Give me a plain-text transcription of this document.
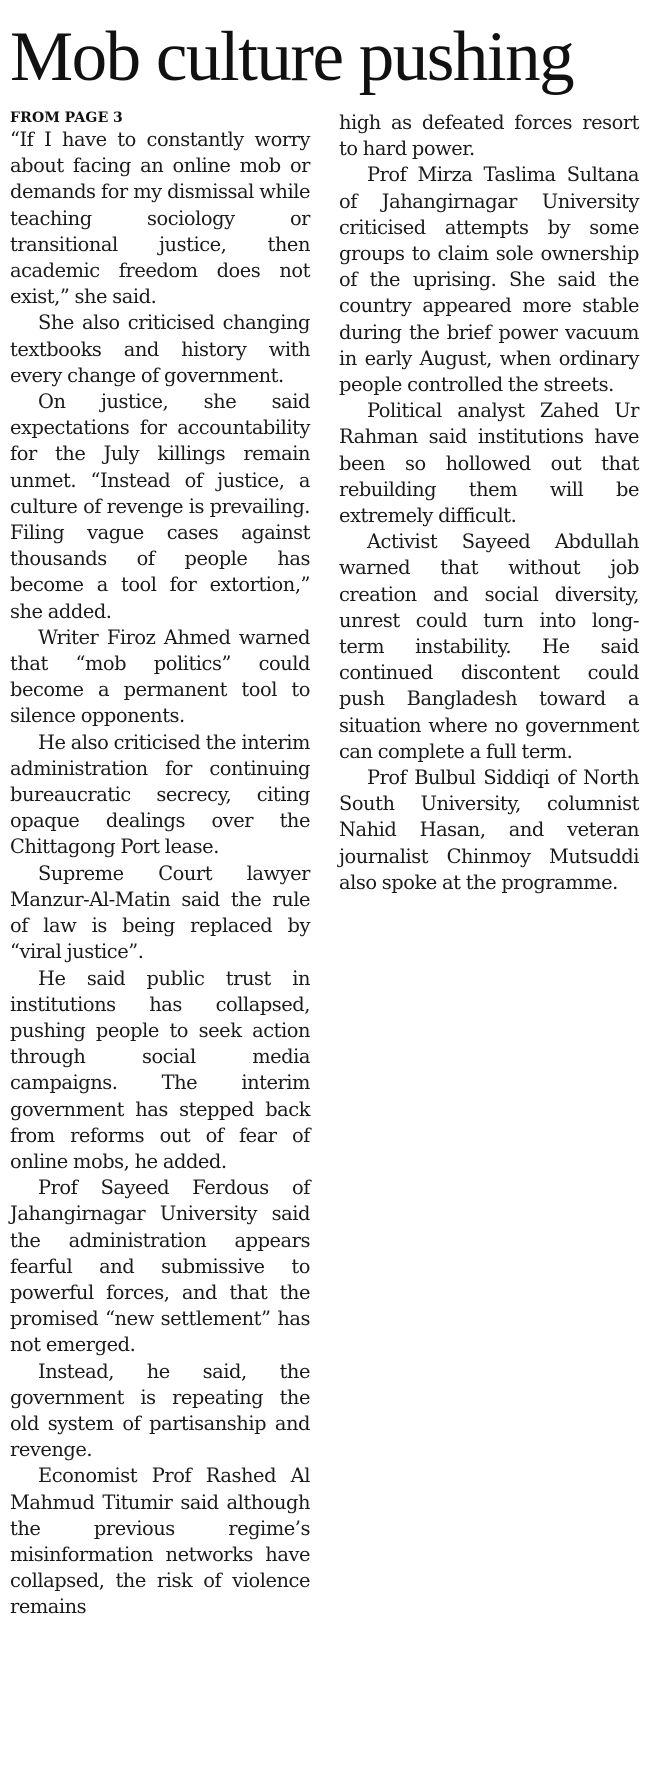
Mob culture pushing

FROM PAGE 3

“If I have to constantly worry about facing an online mob or demands for my dismissal while teaching sociology or transitional justice, then academic freedom does not exist,” she said.

She also criticised changing textbooks and history with every change of government.

On justice, she said expectations for accountability for the July killings remain unmet. “Instead of justice, a culture of revenge is prevailing. Filing vague cases against thousands of people has become a tool for extortion,” she added.

Writer Firoz Ahmed warned that “mob politics” could become a permanent tool to silence opponents.

He also criticised the interim administration for continuing bureaucratic secrecy, citing opaque dealings over the Chittagong Port lease.

Supreme Court lawyer Manzur-Al-Matin said the rule of law is being replaced by “viral justice”.

He said public trust in institutions has collapsed, pushing people to seek action through social media campaigns. The interim government has stepped back from reforms out of fear of online mobs, he added.

Prof Sayeed Ferdous of Jahangirnagar University said the administration appears fearful and submissive to powerful forces, and that the promised “new settlement” has not emerged.

Instead, he said, the government is repeating the old system of partisanship and revenge.

Economist Prof Rashed Al Mahmud Titumir said although the previous regime’s misinformation networks have collapsed, the risk of violence remains

high as defeated forces resort to hard power.

Prof Mirza Taslima Sultana of Jahangirnagar University criticised attempts by some groups to claim sole ownership of the uprising. She said the country appeared more stable during the brief power vacuum in early August, when ordinary people controlled the streets.

Political analyst Zahed Ur Rahman said institutions have been so hollowed out that rebuilding them will be extremely difficult.

Activist Sayeed Abdullah warned that without job creation and social diversity, unrest could turn into long-term instability. He said continued discontent could push Bangladesh toward a situation where no government can complete a full term.

Prof Bulbul Siddiqi of North South University, columnist Nahid Hasan, and veteran journalist Chinmoy Mutsuddi also spoke at the programme.
